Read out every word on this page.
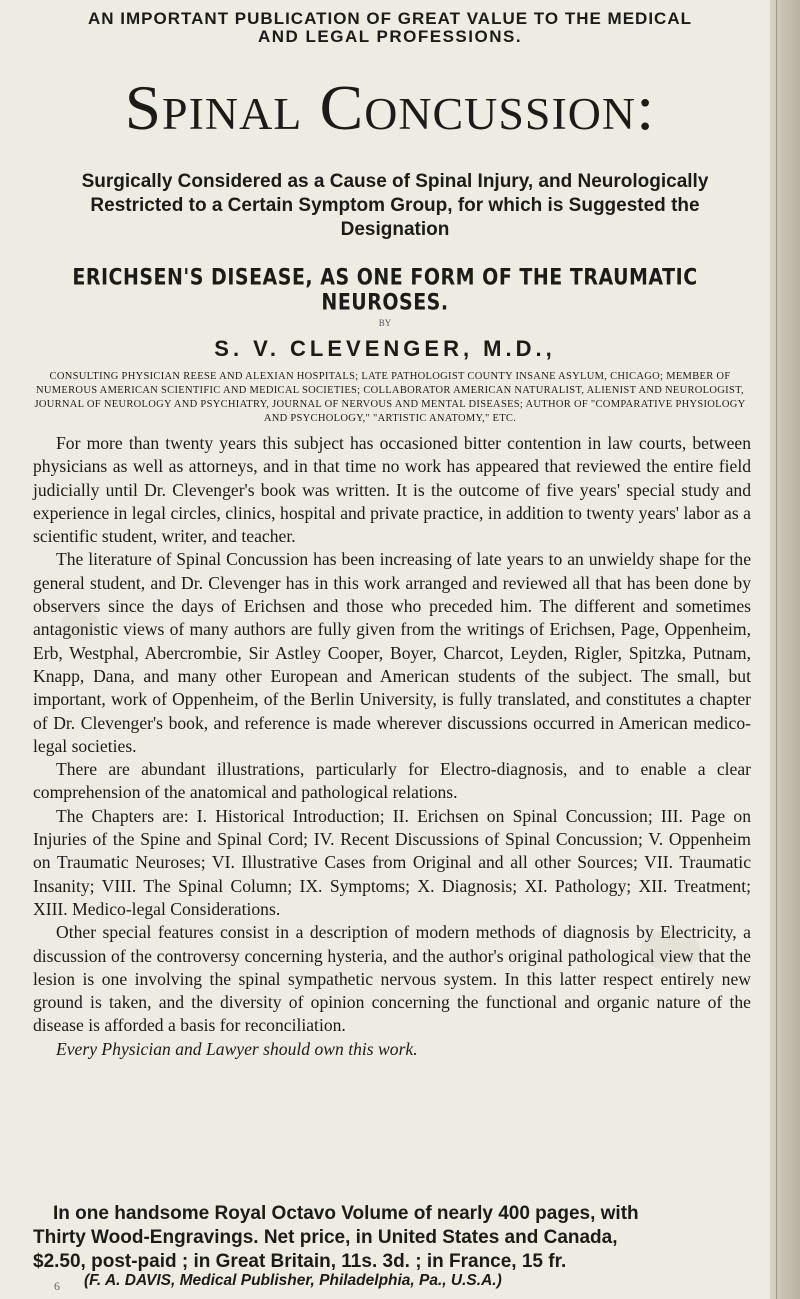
AN IMPORTANT PUBLICATION OF GREAT VALUE TO THE MEDICAL
AND LEGAL PROFESSIONS.
Spinal Concussion:
Surgically Considered as a Cause of Spinal Injury, and Neurologically Restricted to a Certain Symptom Group, for which is Suggested the Designation
ERICHSEN'S DISEASE, AS ONE FORM OF THE TRAUMATIC NEUROSES.
BY
S. V. CLEVENGER, M.D.,
CONSULTING PHYSICIAN REESE AND ALEXIAN HOSPITALS; LATE PATHOLOGIST COUNTY INSANE ASYLUM, CHICAGO; MEMBER OF NUMEROUS AMERICAN SCIENTIFIC AND MEDICAL SOCIETIES; COLLABORATOR AMERICAN NATURALIST, ALIENIST AND NEUROLOGIST, JOURNAL OF NEUROLOGY AND PSYCHIATRY, JOURNAL OF NERVOUS AND MENTAL DISEASES; AUTHOR OF "COMPARATIVE PHYSIOLOGY AND PSYCHOLOGY," "ARTISTIC ANATOMY," ETC.

For more than twenty years this subject has occasioned bitter contention in law courts, between physicians as well as attorneys, and in that time no work has appeared that reviewed the entire field judicially until Dr. Clevenger's book was written. It is the outcome of five years' special study and experience in legal circles, clinics, hospital and private practice, in addition to twenty years' labor as a scientific student, writer, and teacher.

The literature of Spinal Concussion has been increasing of late years to an unwieldy shape for the general student, and Dr. Clevenger has in this work arranged and reviewed all that has been done by observers since the days of Erichsen and those who preceded him. The different and sometimes antagonistic views of many authors are fully given from the writings of Erichsen, Page, Oppenheim, Erb, Westphal, Abercrombie, Sir Astley Cooper, Boyer, Charcot, Leyden, Rigler, Spitzka, Putnam, Knapp, Dana, and many other European and American students of the subject. The small, but important, work of Oppenheim, of the Berlin University, is fully translated, and constitutes a chapter of Dr. Clevenger's book, and reference is made wherever discussions occurred in American medico-legal societies.

There are abundant illustrations, particularly for Electro-diagnosis, and to enable a clear comprehension of the anatomical and pathological relations.

The Chapters are: I. Historical Introduction; II. Erichsen on Spinal Concussion; III. Page on Injuries of the Spine and Spinal Cord; IV. Recent Discussions of Spinal Concussion; V. Oppenheim on Traumatic Neuroses; VI. Illustrative Cases from Original and all other Sources; VII. Traumatic Insanity; VIII. The Spinal Column; IX. Symptoms; X. Diagnosis; XI. Pathology; XII. Treatment; XIII. Medico-legal Considerations.

Other special features consist in a description of modern methods of diagnosis by Electricity, a discussion of the controversy concerning hysteria, and the author's original pathological view that the lesion is one involving the spinal sympathetic nervous system. In this latter respect entirely new ground is taken, and the diversity of opinion concerning the functional and organic nature of the disease is afforded a basis for reconciliation.

Every Physician and Lawyer should own this work.

In one handsome Royal Octavo Volume of nearly 400 pages, with
Thirty Wood-Engravings. Net price, in United States and Canada,
$2.50, post-paid ; in Great Britain, 11s. 3d. ; in France, 15 fr.
6 (F. A. DAVIS, Medical Publisher, Philadelphia, Pa., U.S.A.)
